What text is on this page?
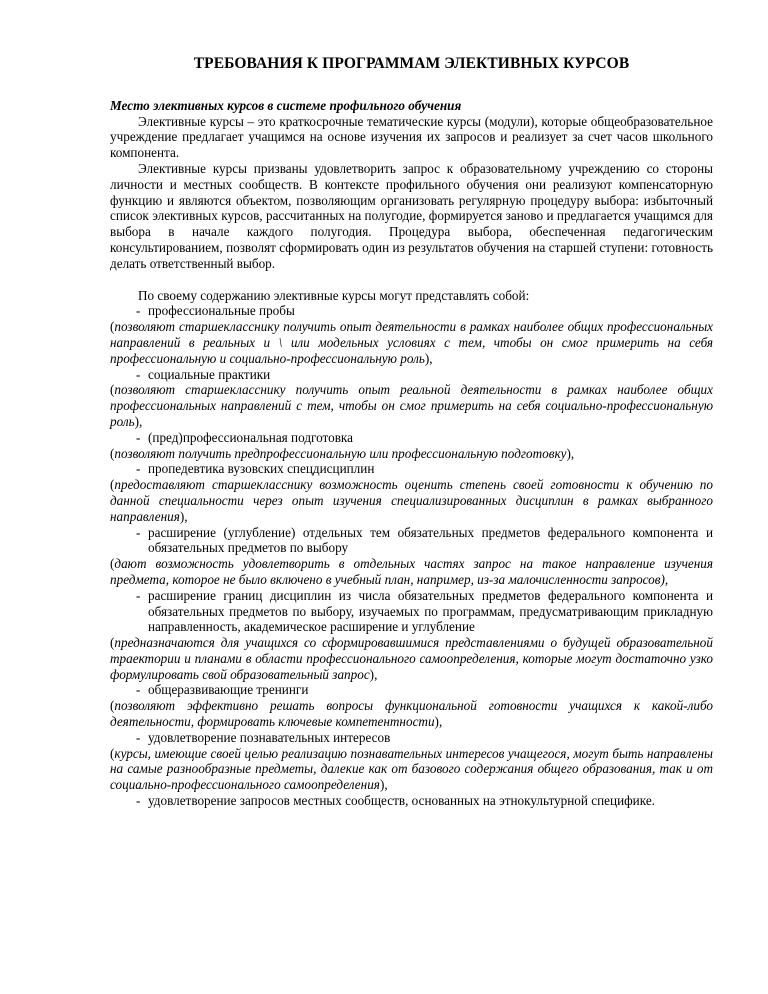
ТРЕБОВАНИЯ К ПРОГРАММАМ ЭЛЕКТИВНЫХ КУРСОВ
Место элективных курсов в системе профильного обучения

Элективные курсы – это краткосрочные тематические курсы (модули), которые общеобразовательное учреждение предлагает учащимся на основе изучения их запросов и реализует за счет часов школьного компонента.

Элективные курсы призваны удовлетворить запрос к образовательному учреждению со стороны личности и местных сообществ. В контексте профильного обучения они реализуют компенсаторную функцию и являются объектом, позволяющим организовать регулярную процедуру выбора: избыточный список элективных курсов, рассчитанных на полугодие, формируется заново и предлагается учащимся для выбора в начале каждого полугодия. Процедура выбора, обеспеченная педагогическим консультированием, позволят сформировать один из результатов обучения на старшей ступени: готовность делать ответственный выбор.

По своему содержанию элективные курсы могут представлять собой:

- профессиональные пробы

(позволяют старшекласснику получить опыт деятельности в рамках наиболее общих профессиональных направлений в реальных и \ или модельных условиях с тем, чтобы он смог примерить на себя профессиональную и социально-профессиональную роль),

- социальные практики

(позволяют старшекласснику получить опыт реальной деятельности в рамках наиболее общих профессиональных направлений с тем, чтобы он смог примерить на себя социально-профессиональную роль),

- (пред)профессиональная подготовка

(позволяют получить предпрофессиональную или профессиональную подготовку),

- пропедевтика вузовских спецдисциплин

(предоставляют старшекласснику возможность оценить степень своей готовности к обучению по данной специальности через опыт изучения специализированных дисциплин в рамках выбранного направления),

- расширение (углубление) отдельных тем обязательных предметов федерального компонента и обязательных предметов по выбору

(дают возможность удовлетворить в отдельных частях запрос на такое направление изучения предмета, которое не было включено в учебный план, например, из-за малочисленности запросов),

- расширение границ дисциплин из числа обязательных предметов федерального компонента и обязательных предметов по выбору, изучаемых по программам, предусматривающим прикладную направленность, академическое расширение и углубление

(предназначаются для учащихся со сформировавшимися представлениями о будущей образовательной траектории и планами в области профессионального самоопределения, которые могут достаточно узко формулировать свой образовательный запрос),

- общеразвивающие тренинги

(позволяют эффективно решать вопросы функциональной готовности учащихся к какой-либо деятельности, формировать ключевые компетентности),

- удовлетворение познавательных интересов

(курсы, имеющие своей целью реализацию познавательных интересов учащегося, могут быть направлены на самые разнообразные предметы, далекие как от базового содержания общего образования, так и от социально-профессионального самоопределения),

- удовлетворение запросов местных сообществ, основанных на этнокультурной специфике.
